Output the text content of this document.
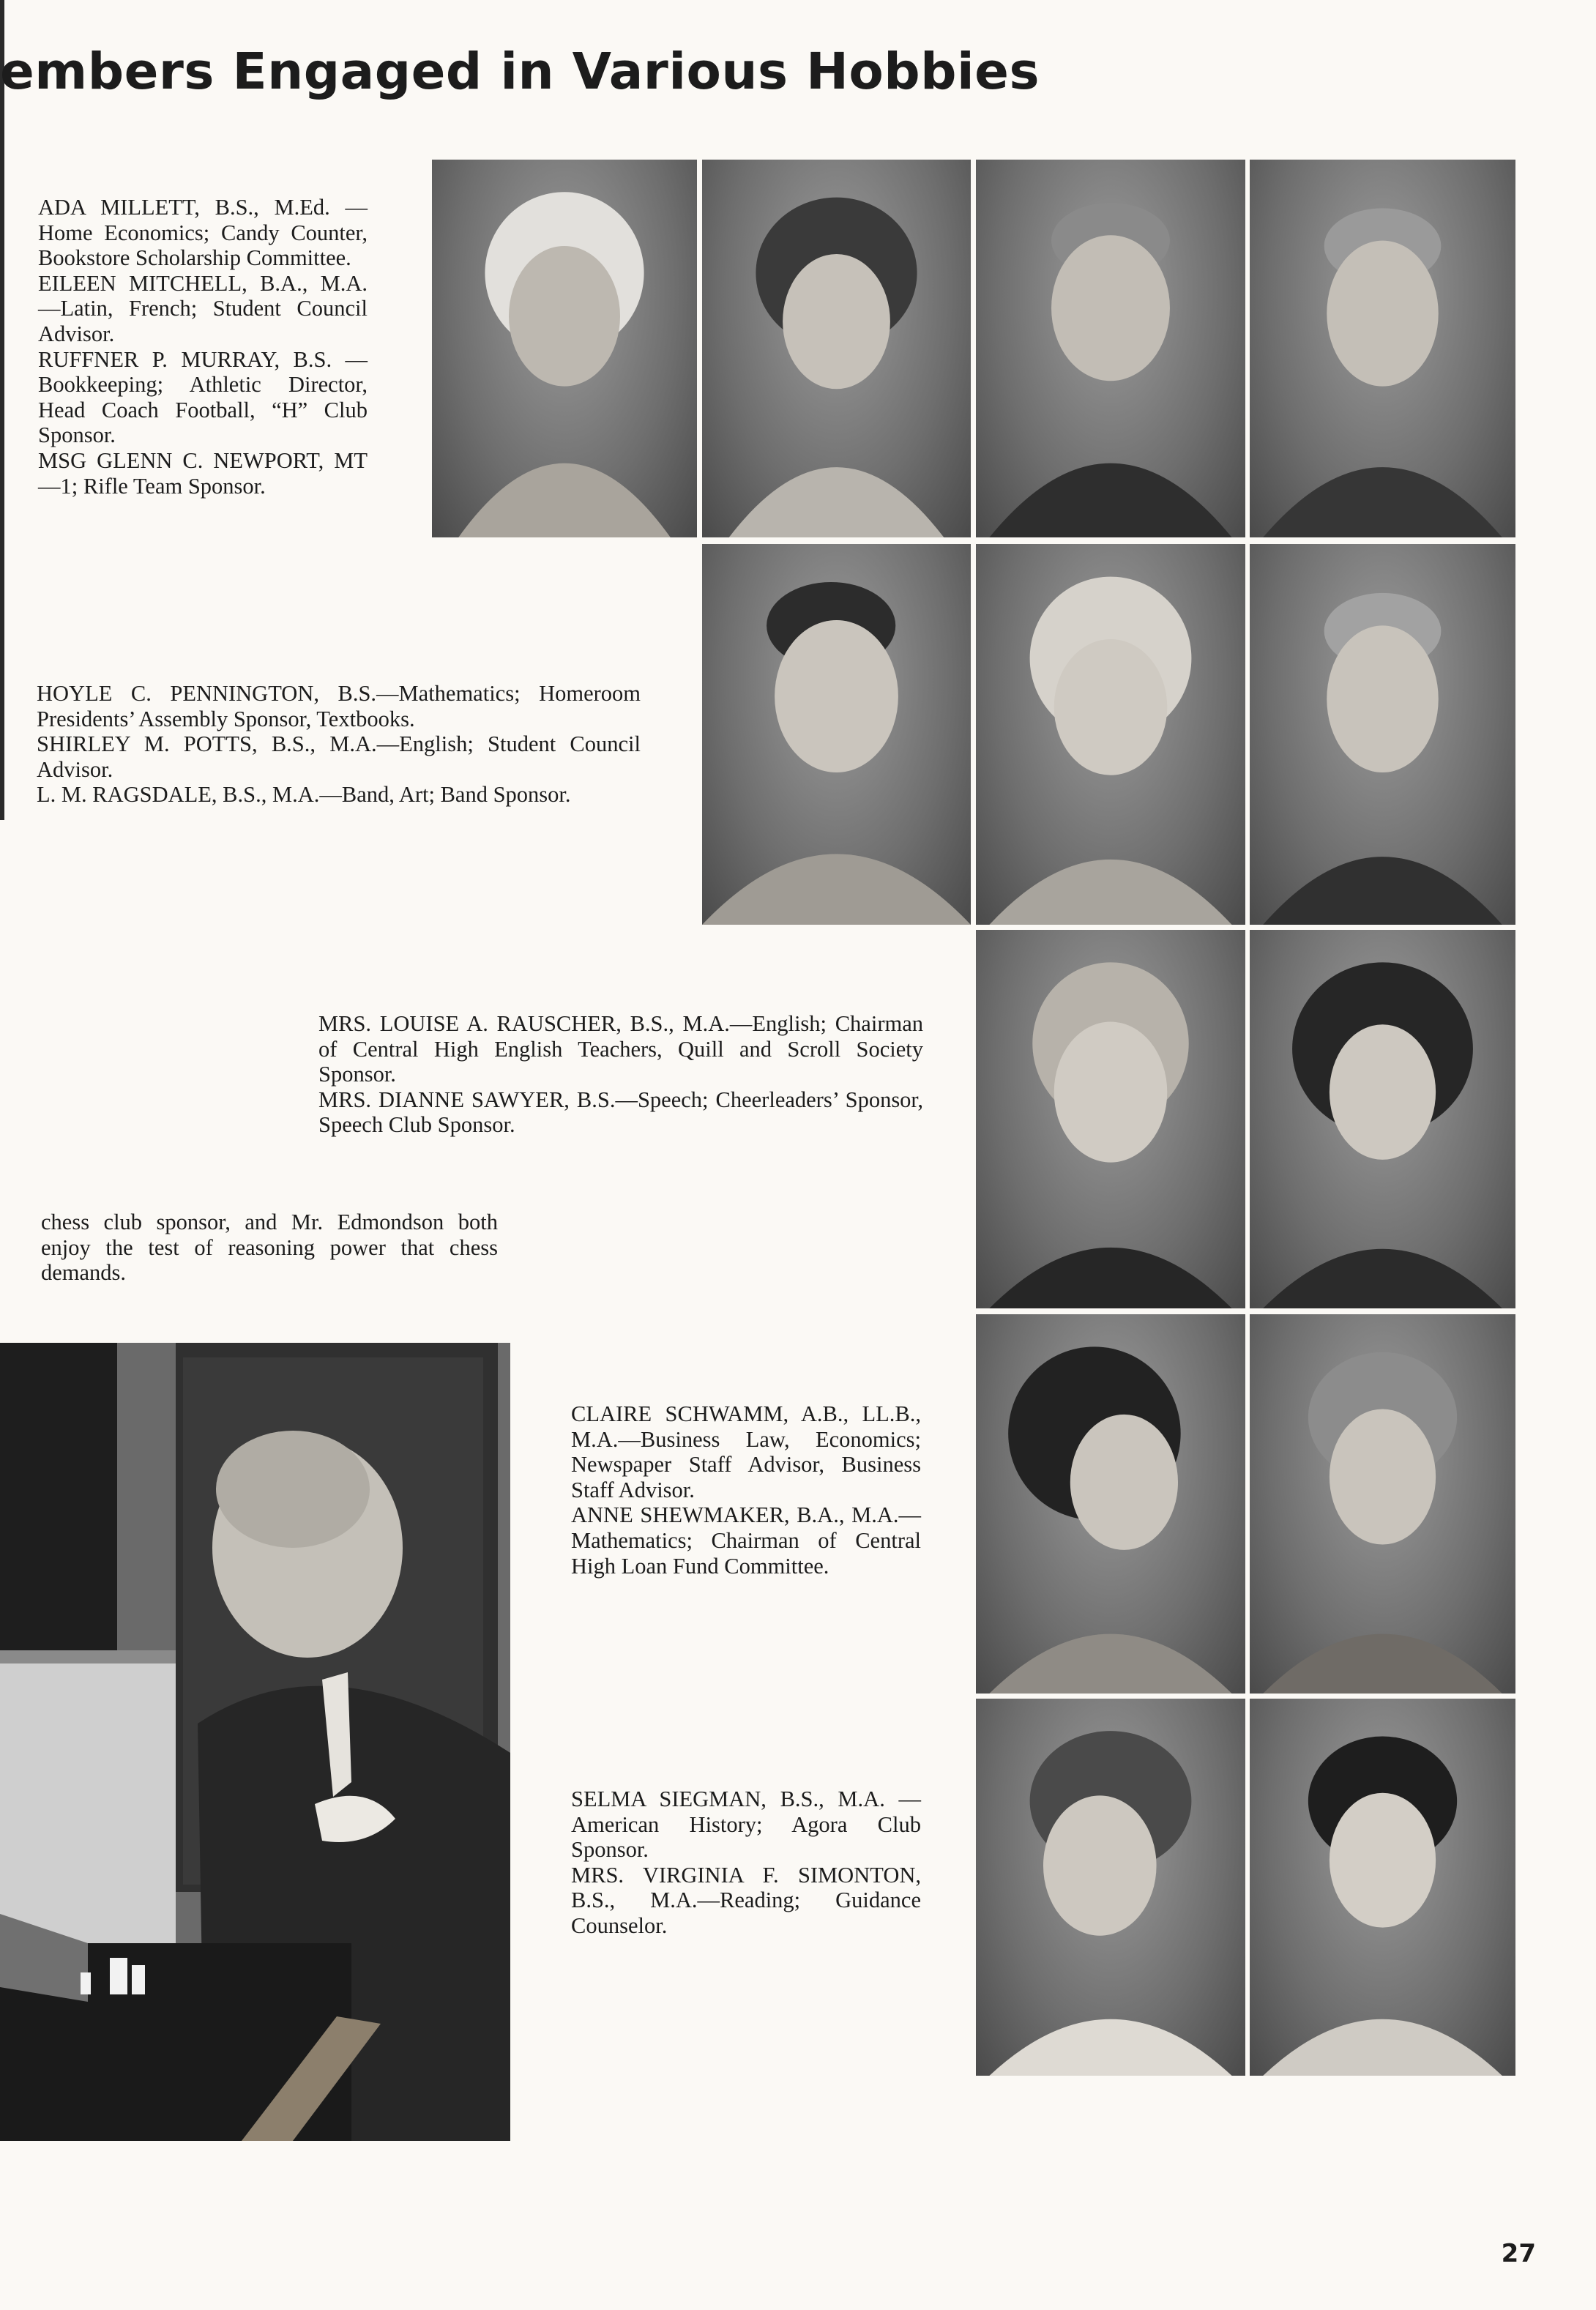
embers Engaged in Various Hobbies

ADA MILLETT, B.S., M.Ed. —Home Economics; Candy Counter, Bookstore Scholarship Committee.

EILEEN MITCHELL, B.A., M.A.—Latin, French; Student Council Advisor.

RUFFNER P. MURRAY, B.S. —Bookkeeping; Athletic Director, Head Coach Football, “H” Club Sponsor.

MSG GLENN C. NEWPORT, MT—1; Rifle Team Sponsor.

HOYLE C. PENNINGTON, B.S.—Mathematics; Homeroom Presidents’ Assembly Sponsor, Textbooks.

SHIRLEY M. POTTS, B.S., M.A.—English; Student Council Advisor.

L. M. RAGSDALE, B.S., M.A.—Band, Art; Band Sponsor.

MRS. LOUISE A. RAUSCHER, B.S., M.A.—English; Chairman of Central High English Teachers, Quill and Scroll Society Sponsor.

MRS. DIANNE SAWYER, B.S.—Speech; Cheerleaders’ Sponsor, Speech Club Sponsor.

chess club sponsor, and Mr. Edmondson both enjoy the test of reasoning power that chess demands.

CLAIRE SCHWAMM, A.B., LL.B., M.A.—Business Law, Economics; Newspaper Staff Advisor, Business Staff Advisor.

ANNE SHEWMAKER, B.A., M.A.—Mathematics; Chairman of Central High Loan Fund Committee.

SELMA SIEGMAN, B.S., M.A. —American History; Agora Club Sponsor.

MRS. VIRGINIA F. SIMONTON, B.S., M.A.—Reading; Guidance Counselor.

27
